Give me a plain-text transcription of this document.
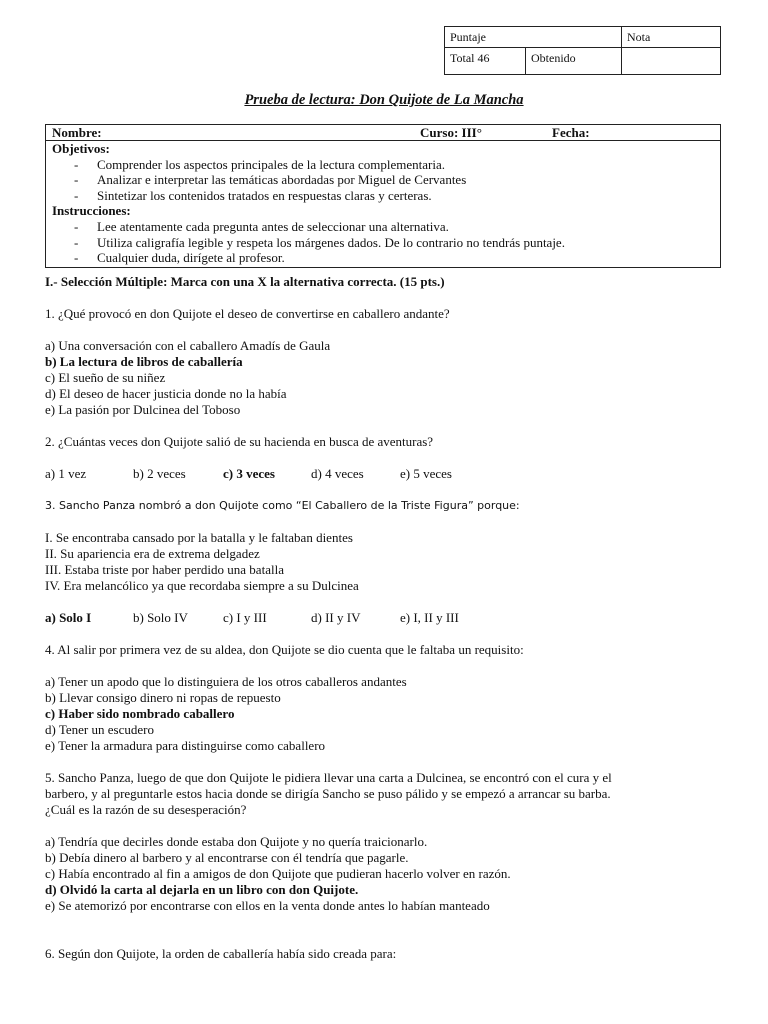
Puntaje		Nota
Total 46	Obtenido	
Prueba de lectura: Don Quijote de La Mancha
Nombre:	Curso: III°	Fecha:
Objetivos:
-	Comprender los aspectos principales de la lectura complementaria.
-	Analizar e interpretar las temáticas abordadas por Miguel de Cervantes
-	Sintetizar los contenidos tratados en respuestas claras y certeras.
Instrucciones:
-	Lee atentamente cada pregunta antes de seleccionar una alternativa.
-	Utiliza caligrafía legible y respeta los márgenes dados. De lo contrario no tendrás puntaje.
-	Cualquier duda, dirígete al profesor.
I.- Selección Múltiple: Marca con una X la alternativa correcta. (15 pts.)
1. ¿Qué provocó en don Quijote el deseo de convertirse en caballero andante?
a) Una conversación con el caballero Amadís de Gaula
b) La lectura de libros de caballería
c) El sueño de su niñez
d) El deseo de hacer justicia donde no la había
e) La pasión por Dulcinea del Toboso
2. ¿Cuántas veces don Quijote salió de su hacienda en busca de aventuras?
a) 1 vez	b) 2 veces	c) 3 veces	d) 4 veces	e) 5 veces
3. Sancho Panza nombró a don Quijote como “El Caballero de la Triste Figura” porque:
I. Se encontraba cansado por la batalla y le faltaban dientes
II. Su apariencia era de extrema delgadez
III. Estaba triste por haber perdido una batalla
IV. Era melancólico ya que recordaba siempre a su Dulcinea
a) Solo I	b) Solo IV	c) I y III	d) II y IV	e) I, II y III
4. Al salir por primera vez de su aldea, don Quijote se dio cuenta que le faltaba un requisito:
a) Tener un apodo que lo distinguiera de los otros caballeros andantes
b) Llevar consigo dinero ni ropas de repuesto
c) Haber sido nombrado caballero
d) Tener un escudero
e) Tener la armadura para distinguirse como caballero
5. Sancho Panza, luego de que don Quijote le pidiera llevar una carta a Dulcinea, se encontró con el cura y el
barbero, y al preguntarle estos hacia donde se dirigía Sancho se puso pálido y se empezó a arrancar su barba.
¿Cuál es la razón de su desesperación?
a) Tendría que decirles donde estaba don Quijote y no quería traicionarlo.
b) Debía dinero al barbero y al encontrarse con él tendría que pagarle.
c) Había encontrado al fin a amigos de don Quijote que pudieran hacerlo volver en razón.
d) Olvidó la carta al dejarla en un libro con don Quijote.
e) Se atemorizó por encontrarse con ellos en la venta donde antes lo habían manteado
6. Según don Quijote, la orden de caballería había sido creada para:
